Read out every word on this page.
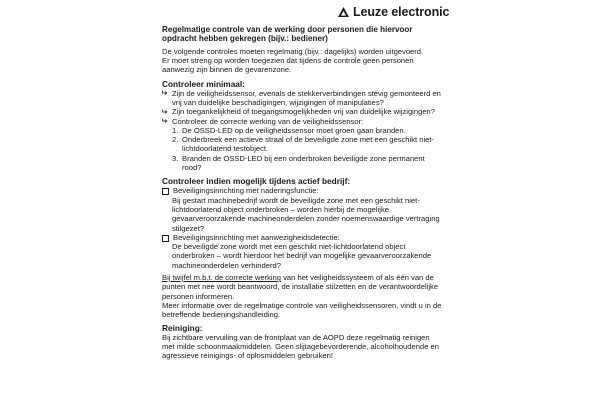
Leuze electronic

Regelmatige controle van de werking door personen die hiervoor opdracht hebben gekregen (bijv.: bediener)

De volgende controles moeten regelmatig (bijv.: dagelijks) worden uitgevoerd.

Er moet streng op worden toegezien dat tijdens de controle geen personen aanwezig zijn binnen de gevarenzone.

Controleer minimaal:

Zijn de veiligheidssensor, evenals de stekkerverbindingen stevig gemonteerd en vrij van duidelijke beschadigingen, wijzigingen of manipulaties?
Zijn toegankelijkheid of toegangsmogelijkheden vrij van duidelijke wijzigingen?
Controleer de correcte werking van de veiligheidssensor:
1. De OSSD-LED op de veiligheidssensor moet groen gaan branden.
2. Onderbreek een actieve straal of de beveiligde zone met een geschikt niet-lichtdoorlatend testobject.
3. Branden de OSSD-LED bij een onderbroken beveiligde zone permanent rood?

Controleer indien mogelijk tijdens actief bedrijf:

Beveiligingsinrichting met naderingsfunctie:

Bij gestart machinebedrijf wordt de beveiligde zone met een geschikt niet-lichtdoorlatend object onderbroken – worden hierbij de mogelijke gevaarveroorzakende machineonderdelen zonder noemenswaardige vertraging stilgezet?

Beveiligingsinrichting met aanwezigheidsdetectie:

De beveiligde zone wordt met een geschikt niet-lichtdoorlatend object onderbroken – wordt hierdoor het bedrijf van mogelijke gevaarveroorzakende machineonderdelen verhinderd?

Bij twijfel m.b.t. de correcte werking van het veiligheidssysteem of als één van de punten met nee wordt beantwoord, de installatie stilzetten en de verantwoordelijke personen informeren.

Meer informatie over de regelmatige controle van veiligheidssensoren, vindt u in de betreffende bedieningshandleiding.

Reiniging:

Bij zichtbare vervuiling van de frontplaat van de AOPD deze regelmatig reinigen met milde schoonmaakmiddelen. Geen slijtagebevorderende, alcoholhoudende en agressieve reinigings- of oplosmiddelen gebruiken!
